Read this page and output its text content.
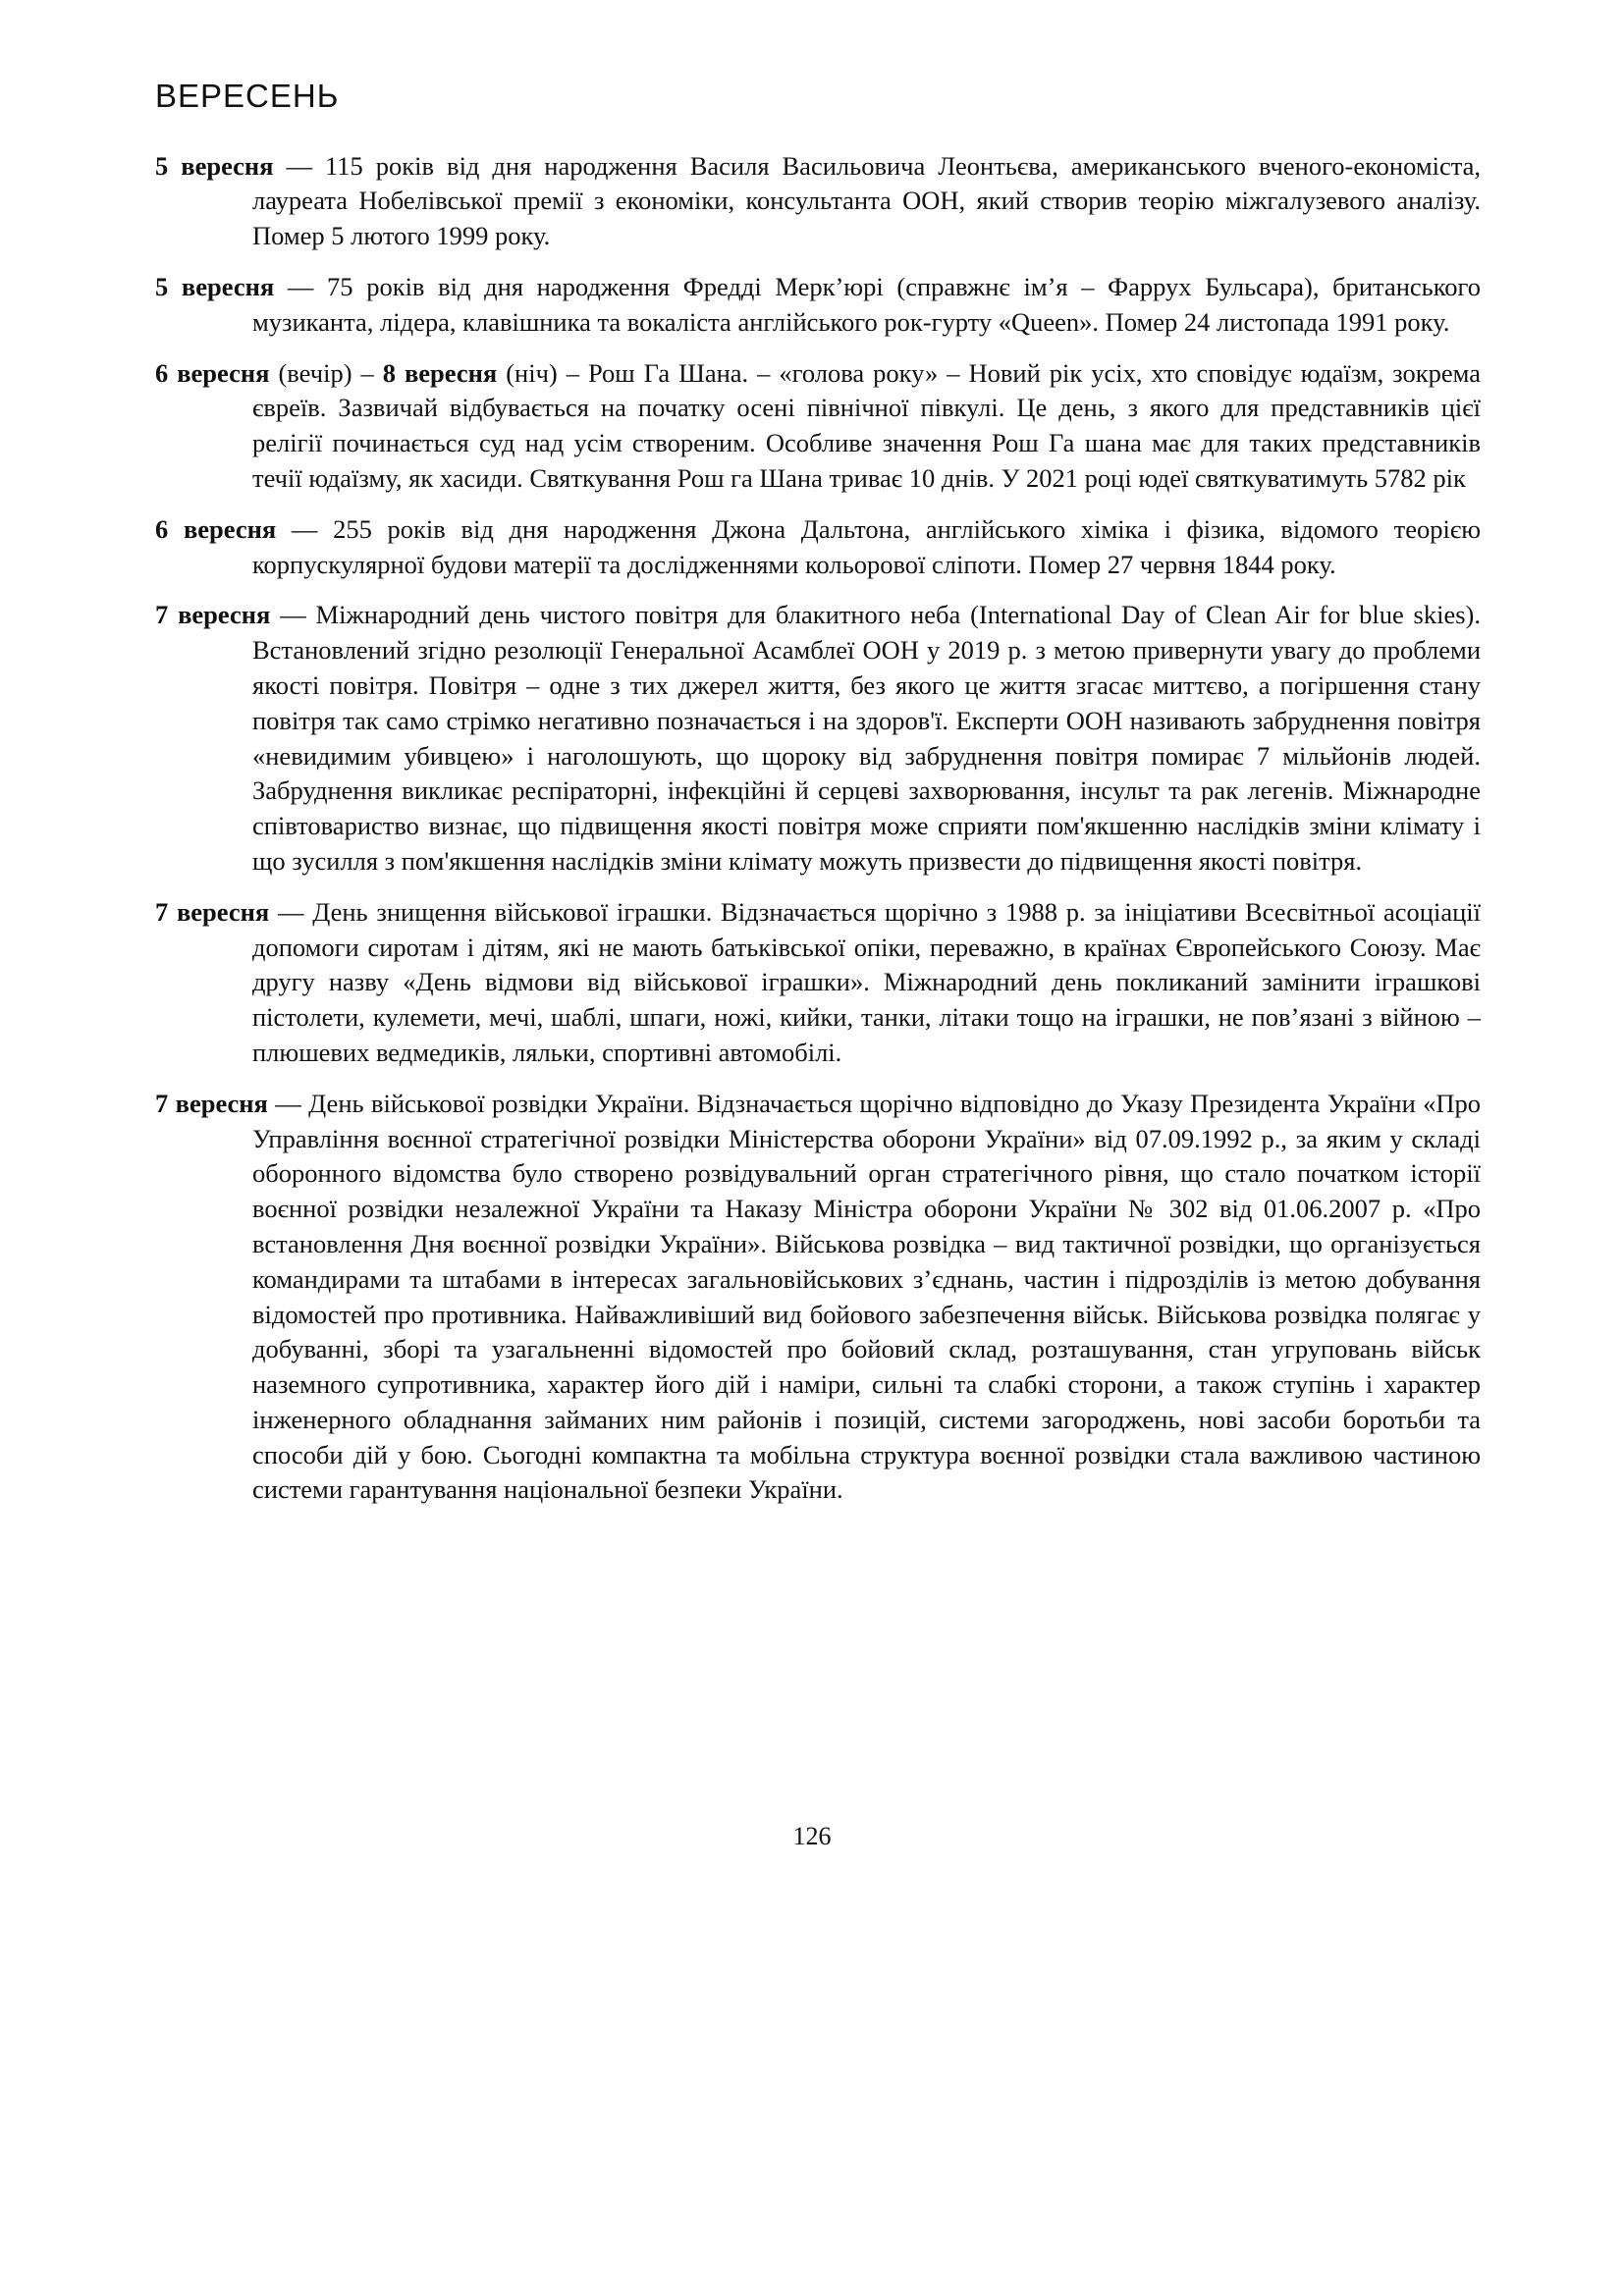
ВЕРЕСЕНЬ

5 вересня — 115 років від дня народження Василя Васильовича Леонтьєва, американського вченого-економіста, лауреата Нобелівської премії з економіки, консультанта ООН, який створив теорію міжгалузевого аналізу. Помер 5 лютого 1999 року.

5 вересня — 75 років від дня народження Фредді Мерк’юрі (справжнє ім’я – Фаррух Бульсара), британського музиканта, лідера, клавішника та вокаліста англійського рок-гурту «Queen». Помер 24 листопада 1991 року.

6 вересня (вечір) – 8 вересня (ніч) – Рош Га Шана. – «голова року» – Новий рік усіх, хто сповідує юдаїзм, зокрема євреїв. Зазвичай відбувається на початку осені північної півкулі. Це день, з якого для представників цієї релігії починається суд над усім створеним. Особливе значення Рош Га шана має для таких представників течії юдаїзму, як хасиди. Святкування Рош га Шана триває 10 днів. У 2021 році юдеї святкуватимуть 5782 рік

6 вересня — 255 років від дня народження Джона Дальтона, англійського хіміка і фізика, відомого теорією корпускулярної будови матерії та дослідженнями кольорової сліпоти. Помер 27 червня 1844 року.

7 вересня — Міжнародний день чистого повітря для блакитного неба (International Day of Clean Air for blue skies). Встановлений згідно резолюції Генеральної Асамблеї ООН у 2019 р. з метою привернути увагу до проблеми якості повітря. Повітря – одне з тих джерел життя, без якого це життя згасає миттєво, а погіршення стану повітря так само стрімко негативно позначається і на здоров'ї. Експерти ООН називають забруднення повітря «невидимим убивцею» і наголошують, що щороку від забруднення повітря помирає 7 мільйонів людей. Забруднення викликає респіраторні, інфекційні й серцеві захворювання, інсульт та рак легенів. Міжнародне співтовариство визнає, що підвищення якості повітря може сприяти пом'якшенню наслідків зміни клімату і що зусилля з пом'якшення наслідків зміни клімату можуть призвести до підвищення якості повітря.

7 вересня — День знищення військової іграшки. Відзначається щорічно з 1988 р. за ініціативи Всесвітньої асоціації допомоги сиротам і дітям, які не мають батьківської опіки, переважно, в країнах Європейського Союзу. Має другу назву «День відмови від військової іграшки». Міжнародний день покликаний замінити іграшкові пістолети, кулемети, мечі, шаблі, шпаги, ножі, кийки, танки, літаки тощо на іграшки, не пов’язані з війною – плюшевих ведмедиків, ляльки, спортивні автомобілі.

7 вересня — День військової розвідки України. Відзначається щорічно відповідно до Указу Президента України «Про Управління воєнної стратегічної розвідки Міністерства оборони України» від 07.09.1992 р., за яким у складі оборонного відомства було створено розвідувальний орган стратегічного рівня, що стало початком історії воєнної розвідки незалежної України та Наказу Міністра оборони України № 302 від 01.06.2007 р. «Про встановлення Дня воєнної розвідки України». Військова розвідка – вид тактичної розвідки, що організується командирами та штабами в інтересах загальновійськових з’єднань, частин і підрозділів із метою добування відомостей про противника. Найважливіший вид бойового забезпечення військ. Військова розвідка полягає у добуванні, зборі та узагальненні відомостей про бойовий склад, розташування, стан угруповань військ наземного супротивника, характер його дій і наміри, сильні та слабкі сторони, а також ступінь і характер інженерного обладнання займаних ним районів і позицій, системи загороджень, нові засоби боротьби та способи дій у бою. Сьогодні компактна та мобільна структура воєнної розвідки стала важливою частиною системи гарантування національної безпеки України.

126
